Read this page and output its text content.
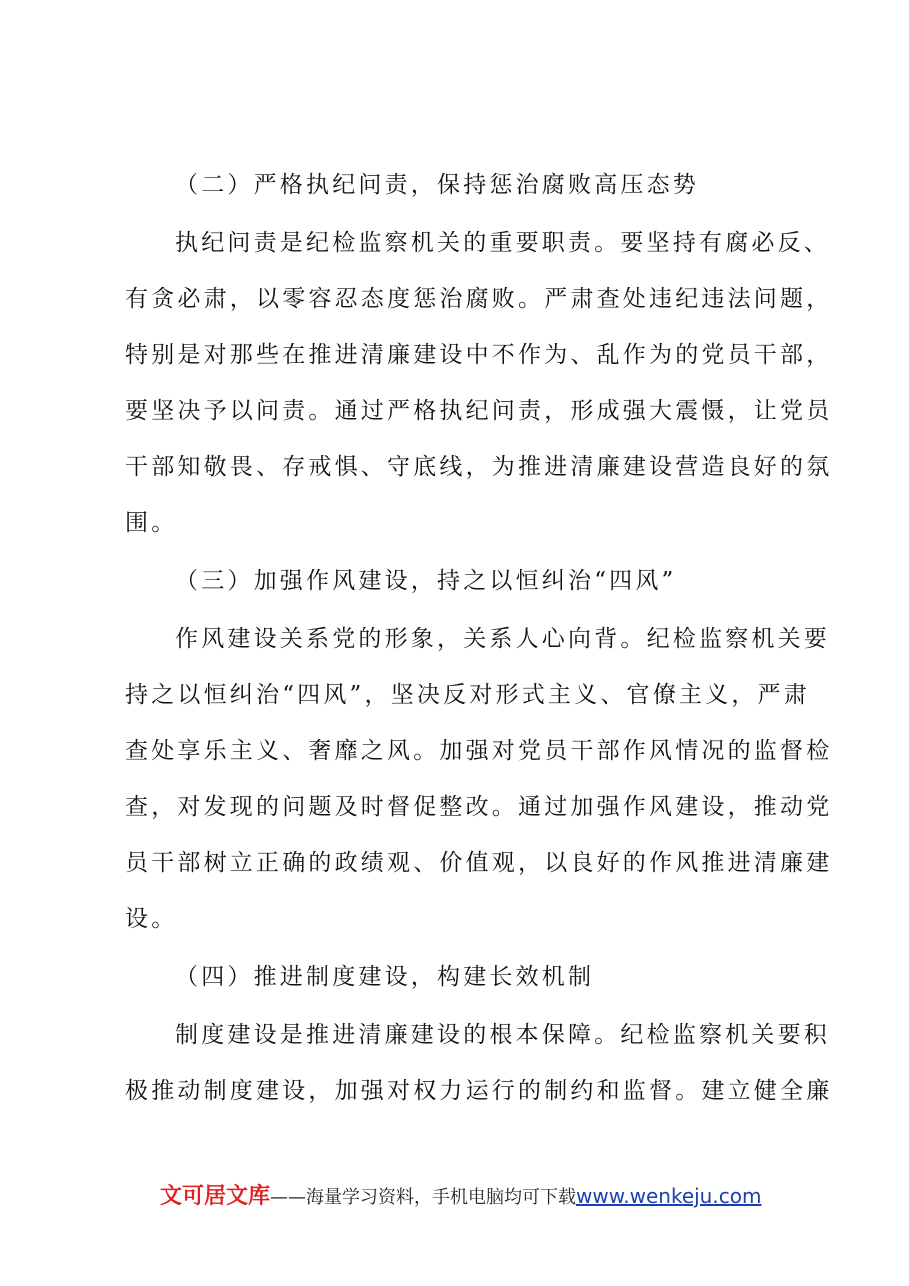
（二）严格执纪问责，保持惩治腐败高压态势
执纪问责是纪检监察机关的重要职责。要坚持有腐必反、
有贪必肃，以零容忍态度惩治腐败。严肃查处违纪违法问题，
特别是对那些在推进清廉建设中不作为、乱作为的党员干部，
要坚决予以问责。通过严格执纪问责，形成强大震慑，让党员
干部知敬畏、存戒惧、守底线，为推进清廉建设营造良好的氛
围。
（三）加强作风建设，持之以恒纠治“四风”
作风建设关系党的形象，关系人心向背。纪检监察机关要
持之以恒纠治“四风”，坚决反对形式主义、官僚主义，严肃
查处享乐主义、奢靡之风。加强对党员干部作风情况的监督检
查，对发现的问题及时督促整改。通过加强作风建设，推动党
员干部树立正确的政绩观、价值观，以良好的作风推进清廉建
设。
（四）推进制度建设，构建长效机制
制度建设是推进清廉建设的根本保障。纪检监察机关要积
极推动制度建设，加强对权力运行的制约和监督。建立健全廉
文可居文库——海量学习资料，手机电脑均可下载www.wenkeju.com
